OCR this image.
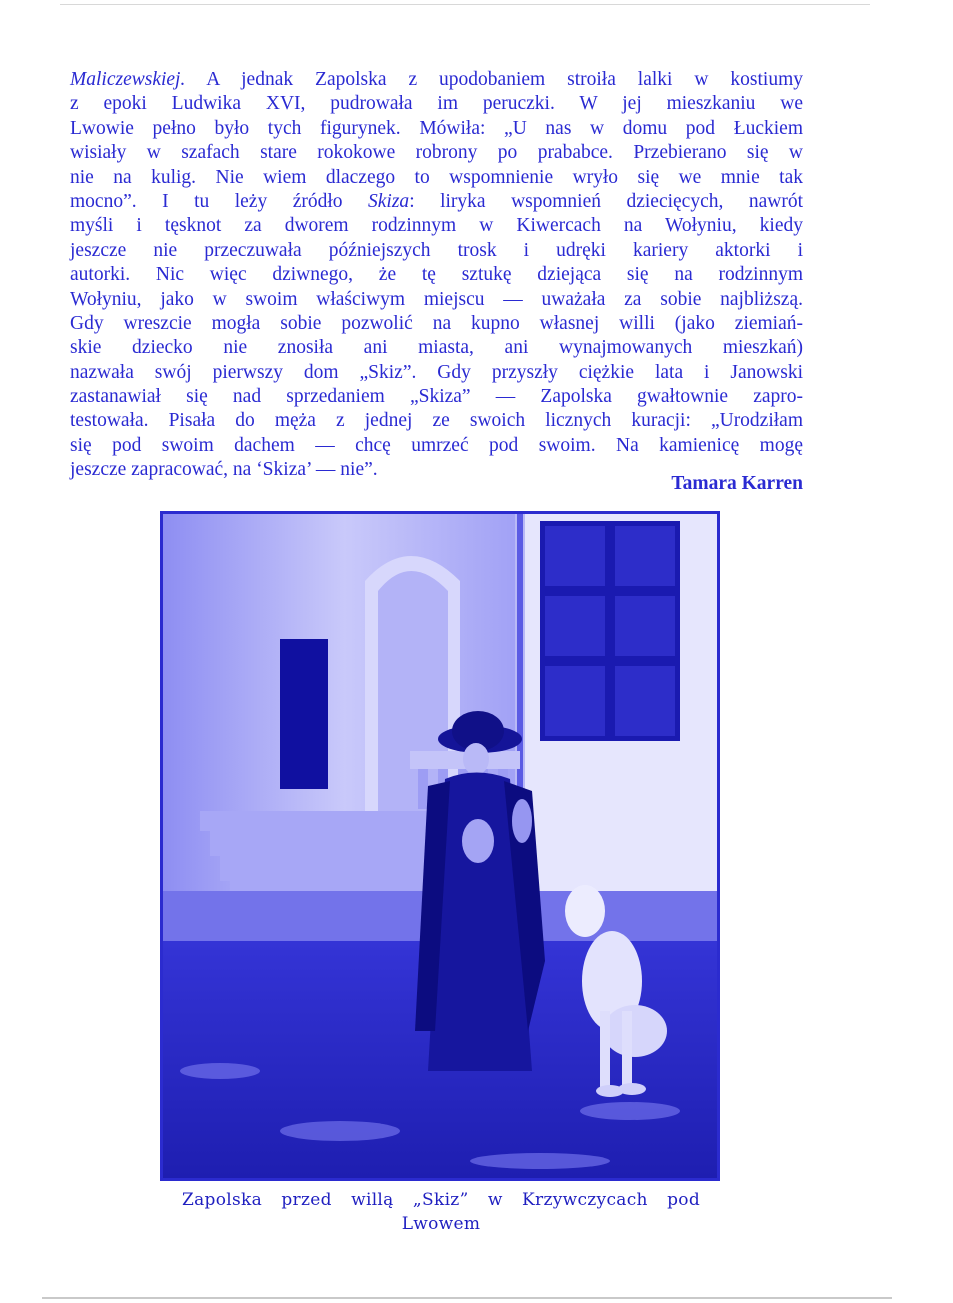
Maliczewskiej. A jednak Zapolska z upodobaniem stroiła lalki w kostiumy
z epoki Ludwika XVI, pudrowała im peruczki. W jej mieszkaniu we
Lwowie pełno było tych figurynek. Mówiła: „U nas w domu pod Łuckiem
wisiały w szafach stare rokokowe robrony po prababce. Przebierano się w
nie na kulig. Nie wiem dlaczego to wspomnienie wryło się we mnie tak
mocno”. I tu leży źródło Skiza: liryka wspomnień dziecięcych, nawrót
myśli i tęsknot za dworem rodzinnym w Kiwercach na Wołyniu, kiedy
jeszcze nie przeczuwała późniejszych trosk i udręki kariery aktorki i
autorki. Nic więc dziwnego, że tę sztukę dziejąca się na rodzinnym
Wołyniu, jako w swoim właściwym miejscu — uważała za sobie najbliższą.
Gdy wreszcie mogła sobie pozwolić na kupno własnej willi (jako ziemiań-
skie dziecko nie znosiła ani miasta, ani wynajmowanych mieszkań)
nazwała swój pierwszy dom „Skiz”. Gdy przyszły ciężkie lata i Janowski
zastanawiał się nad sprzedaniem „Skiza” — Zapolska gwałtownie zapro-
testowała. Pisała do męża z jednej ze swoich licznych kuracji: „Urodziłam
się pod swoim dachem — chcę umrzeć pod swoim. Na kamienicę mogę
jeszcze zapracować, na ‘Skiza’ — nie”.
Tamara Karren
Zapolska przed willą „Skiz” w Krzywczycach pod
Lwowem
